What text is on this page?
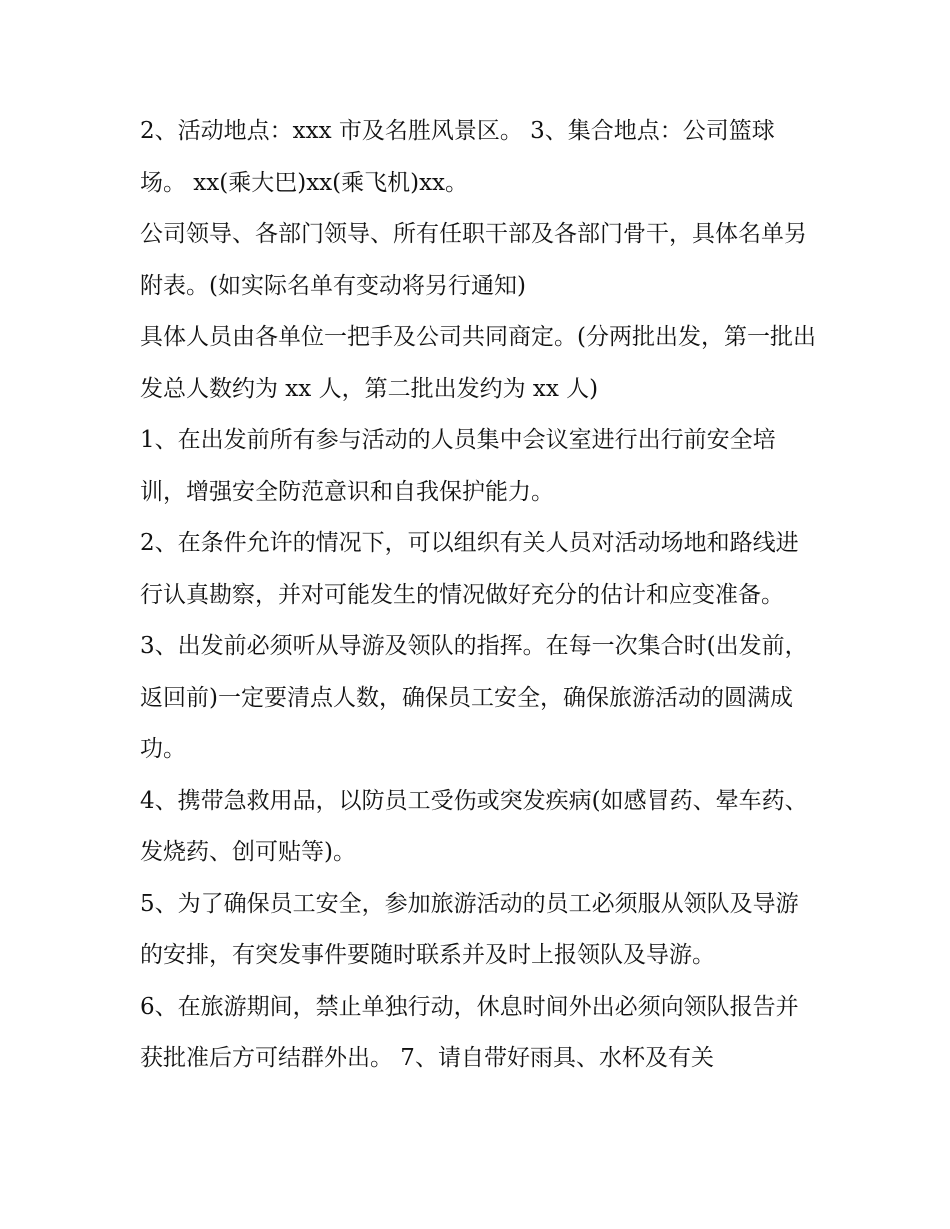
2、活动地点：xxx 市及名胜风景区。 3、集合地点：公司篮球场。 xx(乘大巴)xx(乘飞机)xx。

公司领导、各部门领导、所有任职干部及各部门骨干，具体名单另附表。(如实际名单有变动将另行通知)

具体人员由各单位一把手及公司共同商定。(分两批出发，第一批出发总人数约为 xx 人，第二批出发约为 xx 人)

1、在出发前所有参与活动的人员集中会议室进行出行前安全培训，增强安全防范意识和自我保护能力。

2、在条件允许的情况下，可以组织有关人员对活动场地和路线进行认真勘察，并对可能发生的情况做好充分的估计和应变准备。

3、出发前必须听从导游及领队的指挥。在每一次集合时(出发前，返回前)一定要清点人数，确保员工安全，确保旅游活动的圆满成功。

4、携带急救用品，以防员工受伤或突发疾病(如感冒药、晕车药、发烧药、创可贴等)。

5、为了确保员工安全，参加旅游活动的员工必须服从领队及导游的安排，有突发事件要随时联系并及时上报领队及导游。

6、在旅游期间，禁止单独行动，休息时间外出必须向领队报告并获批准后方可结群外出。 7、请自带好雨具、水杯及有关
